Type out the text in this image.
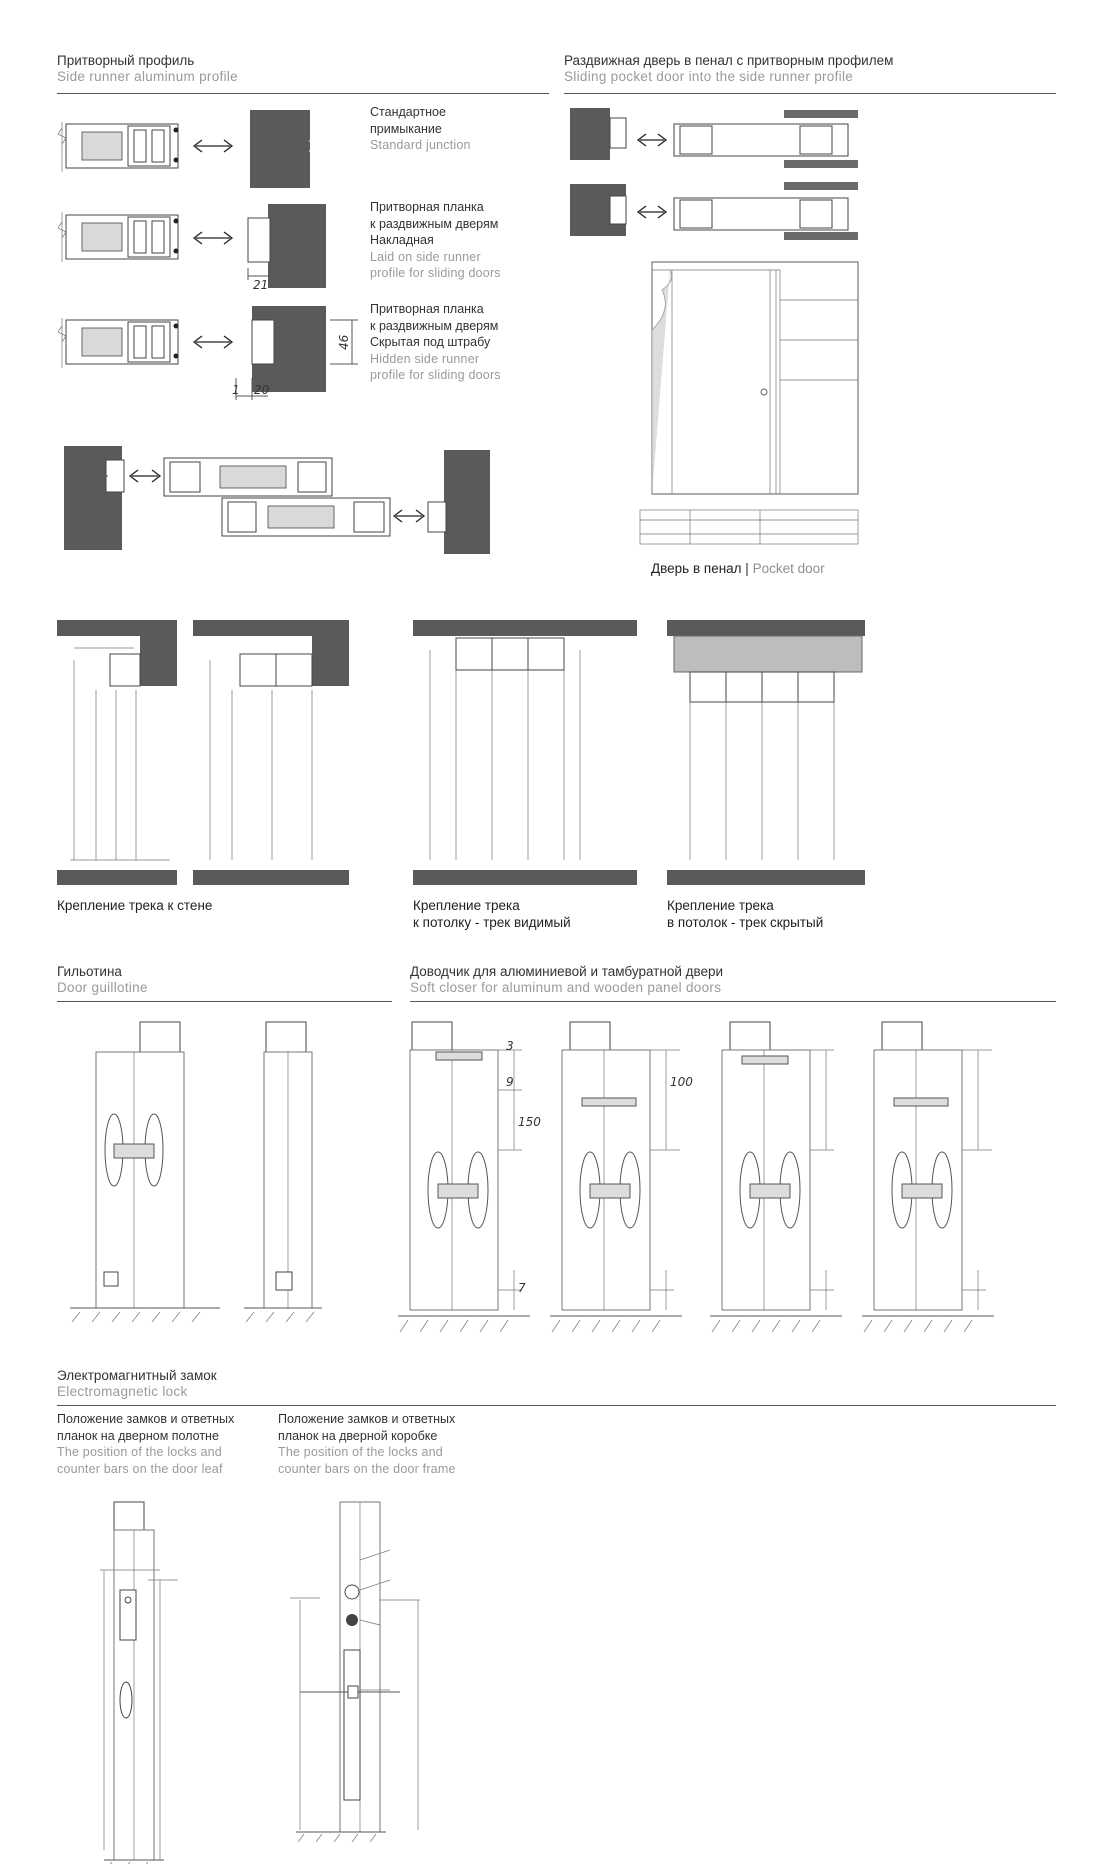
Притворный профиль
Side runner aluminum profile
Раздвижная дверь в пенал с притворным профилем
Sliding pocket door into the side runner profile
Стандартное
примыкание
Standard junction
Притворная планка
к раздвижным дверям
Накладная
Laid on side runner
profile for sliding doors
Притворная планка
к раздвижным дверям
Скрытая под штрабу
Hidden side runner
profile for sliding doors
21
46
1 20
Дверь в пенал | Pocket door
Крепление трека к стене	Крепление трека
к потолку - трек видимый
Крепление трека
в потолок - трек скрытый
Гильотина
Door guillotine
Доводчик для алюминиевой и тамбуратной двери
Soft closer for aluminum and wooden panel doors
3
9
150
100
7
Электромагнитный замок
Electromagnetic lock
Положение замков и ответных
планок на дверном полотне
The position of the locks and
counter bars on the door leaf
Положение замков и ответных
планок на дверной коробке
The position of the locks and
counter bars on the door frame
